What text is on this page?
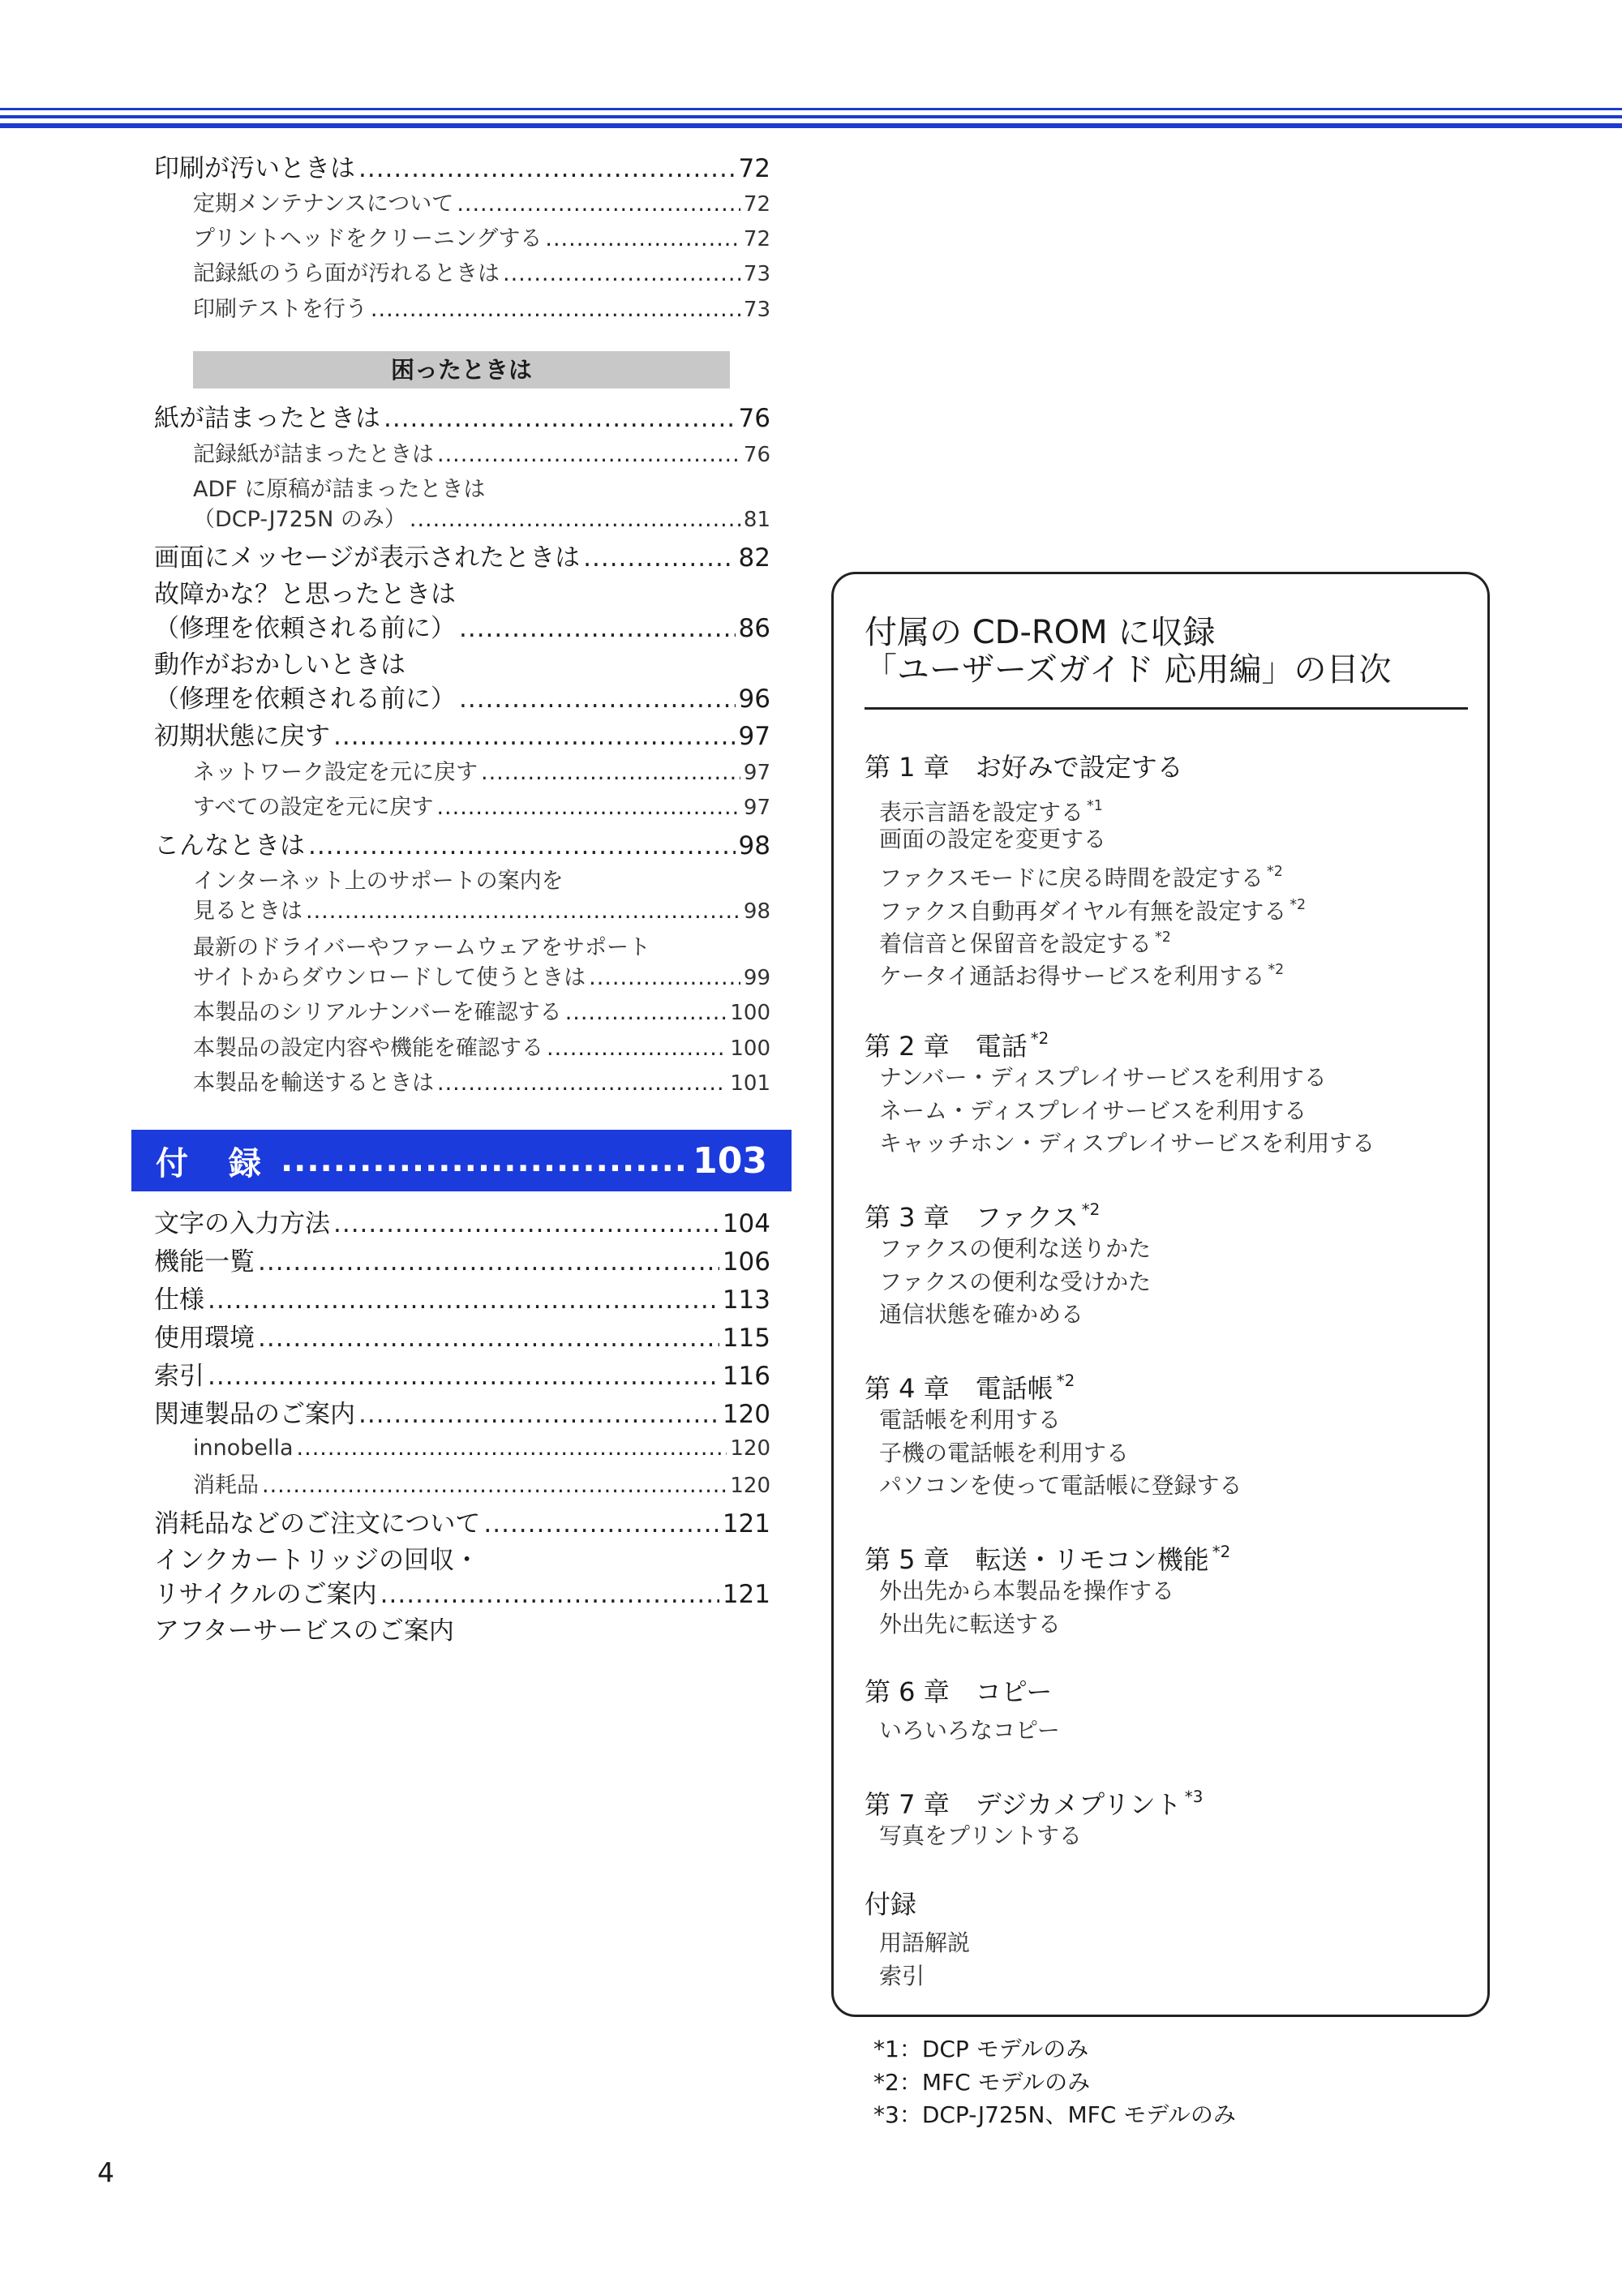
印刷が汚いときは .....	72
定期メンテナンスについて .....	72
プリントヘッドをクリーニングする .....	72
記録紙のうら面が汚れるときは .....	73
印刷テストを行う .....	73
困ったときは
紙が詰まったときは .....	76
記録紙が詰まったときは .....	76
ADF に原稿が詰まったときは
（DCP-J725N のみ） .....	81
画面にメッセージが表示されたときは .....	82
故障かな？と思ったときは
（修理を依頼される前に） .....	86
動作がおかしいときは
（修理を依頼される前に） .....	96
初期状態に戻す .....	97
ネットワーク設定を元に戻す .....	97
すべての設定を元に戻す .....	97
こんなときは .....	98
インターネット上のサポートの案内を
見るときは .....	98
最新のドライバーやファームウェアをサポート
サイトからダウンロードして使うときは .....	99
本製品のシリアルナンバーを確認する .....	100
本製品の設定内容や機能を確認する .....	100
本製品を輸送するときは .....	101
付 録 .....	103
文字の入力方法 .....	104
機能一覧 .....	106
仕様 .....	113
使用環境 .....	115
索引 .....	116
関連製品のご案内 .....	120
innobella .....	120
消耗品 .....	120
消耗品などのご注文について .....	121
インクカートリッジの回収・
リサイクルのご案内 .....	121
アフターサービスのご案内
付属の CD-ROM に収録
「ユーザーズガイド 応用編」の目次
第 1 章　お好みで設定する
表示言語を設定する $^{*1}$
画面の設定を変更する
ファクスモードに戻る時間を設定する $^{*2}$
ファクス自動再ダイヤル有無を設定する $^{*2}$
着信音と保留音を設定する $^{*2}$
ケータイ通話お得サービスを利用する $^{*2}$
第 2 章　電話 $^{*2}$
ナンバー・ディスプレイサービスを利用する
ネーム・ディスプレイサービスを利用する
キャッチホン・ディスプレイサービスを利用する
第 3 章　ファクス $^{*2}$
ファクスの便利な送りかた
ファクスの便利な受けかた
通信状態を確かめる
第 4 章　電話帳 $^{*2}$
電話帳を利用する
子機の電話帳を利用する
パソコンを使って電話帳に登録する
第 5 章　転送・リモコン機能 $^{*2}$
外出先から本製品を操作する
外出先に転送する
第 6 章　コピー
いろいろなコピー
第 7 章　デジカメプリント $^{*3}$
写真をプリントする
付録
用語解説
索引
*1：DCP モデルのみ
*2：MFC モデルのみ
*3：DCP-J725N、MFC モデルのみ
4
